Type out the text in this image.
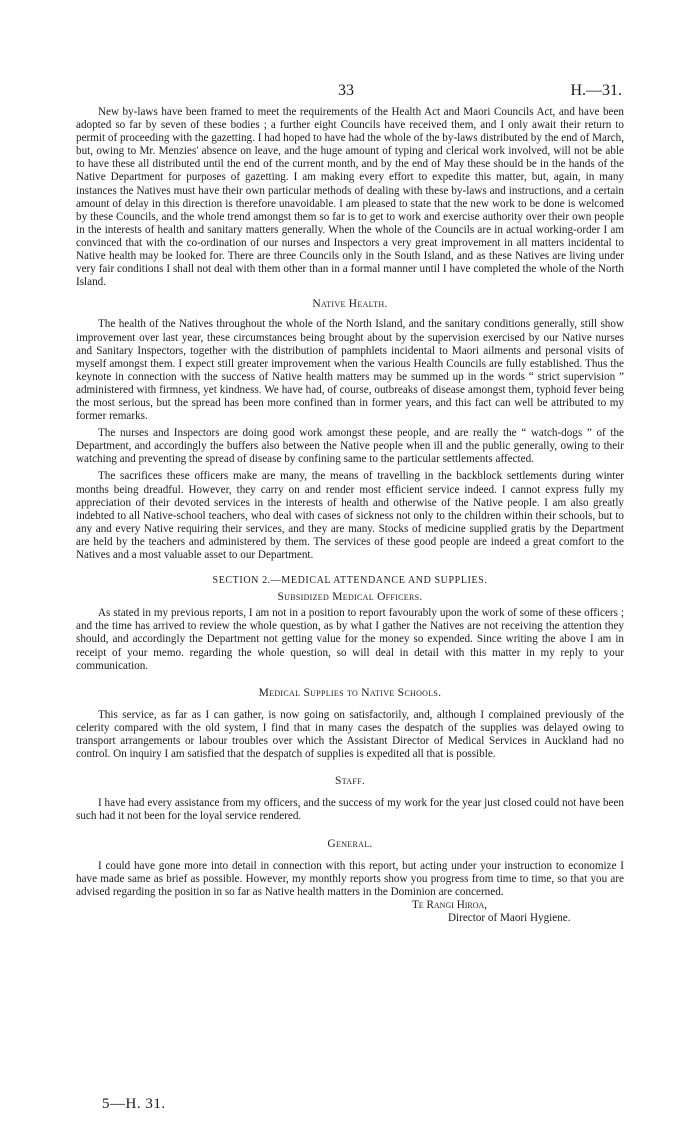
33	H.—31.

New by-laws have been framed to meet the requirements of the Health Act and Maori Councils Act, and have been adopted so far by seven of these bodies ; a further eight Councils have received them, and I only await their return to permit of proceeding with the gazetting. I had hoped to have had the whole of the by-laws distributed by the end of March, but, owing to Mr. Menzies' absence on leave, and the huge amount of typing and clerical work involved, will not be able to have these all distributed until the end of the current month, and by the end of May these should be in the hands of the Native Department for purposes of gazetting. I am making every effort to expedite this matter, but, again, in many instances the Natives must have their own particular methods of dealing with these by-laws and instructions, and a certain amount of delay in this direction is therefore unavoidable. I am pleased to state that the new work to be done is welcomed by these Councils, and the whole trend amongst them so far is to get to work and exercise authority over their own people in the interests of health and sanitary matters generally. When the whole of the Councils are in actual working-order I am convinced that with the co-ordination of our nurses and Inspectors a very great improvement in all matters incidental to Native health may be looked for. There are three Councils only in the South Island, and as these Natives are living under very fair conditions I shall not deal with them other than in a formal manner until I have completed the whole of the North Island.

Native Health.

The health of the Natives throughout the whole of the North Island, and the sanitary conditions generally, still show improvement over last year, these circumstances being brought about by the supervision exercised by our Native nurses and Sanitary Inspectors, together with the distribution of pamphlets incidental to Maori ailments and personal visits of myself amongst them. I expect still greater improvement when the various Health Councils are fully established. Thus the keynote in connection with the success of Native health matters may be summed up in the words “ strict supervision ” administered with firmness, yet kindness. We have had, of course, outbreaks of disease amongst them, typhoid fever being the most serious, but the spread has been more confined than in former years, and this fact can well be attributed to my former remarks.

The nurses and Inspectors are doing good work amongst these people, and are really the “ watch-dogs ” of the Department, and accordingly the buffers also between the Native people when ill and the public generally, owing to their watching and preventing the spread of disease by confining same to the particular settlements affected.

The sacrifices these officers make are many, the means of travelling in the backblock settlements during winter months being dreadful. However, they carry on and render most efficient service indeed. I cannot express fully my appreciation of their devoted services in the interests of health and otherwise of the Native people. I am also greatly indebted to all Native-school teachers, who deal with cases of sickness not only to the children within their schools, but to any and every Native requiring their services, and they are many. Stocks of medicine supplied gratis by the Department are held by the teachers and administered by them. The services of these good people are indeed a great comfort to the Natives and a most valuable asset to our Department.

SECTION 2.—MEDICAL ATTENDANCE AND SUPPLIES.
Subsidized Medical Officers.

As stated in my previous reports, I am not in a position to report favourably upon the work of some of these officers ; and the time has arrived to review the whole question, as by what I gather the Natives are not receiving the attention they should, and accordingly the Department not getting value for the money so expended. Since writing the above I am in receipt of your memo. regarding the whole question, so will deal in detail with this matter in my reply to your communication.

Medical Supplies to Native Schools.

This service, as far as I can gather, is now going on satisfactorily, and, although I complained previously of the celerity compared with the old system, I find that in many cases the despatch of the supplies was delayed owing to transport arrangements or labour troubles over which the Assistant Director of Medical Services in Auckland had no control. On inquiry I am satisfied that the despatch of supplies is expedited all that is possible.

Staff.

I have had every assistance from my officers, and the success of my work for the year just closed could not have been such had it not been for the loyal service rendered.

General.

I could have gone more into detail in connection with this report, but acting under your instruction to economize I have made same as brief as possible. However, my monthly reports show you progress from time to time, so that you are advised regarding the position in so far as Native health matters in the Dominion are concerned.

Te Rangi Hiroa,
Director of Maori Hygiene.
5—H. 31.
